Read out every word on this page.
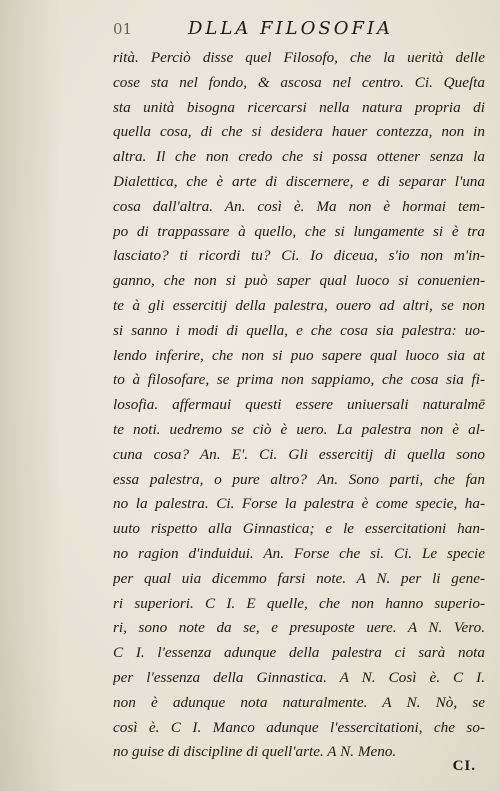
01	DLLA FILOSOFIA
rità. Perciò disse quel Filosofo, che la uerità delle
cose sta nel fondo, & ascosa nel centro. Ci. Queſta
sta unità bisogna ricercarsi nella natura propria di
quella cosa, di che si desidera hauer contezza, non in
altra. Il che non credo che si possa ottener senza la
Dialettica, che è arte di discernere, e di separar l'una
cosa dall'altra. An. così è. Ma non è hormai tem-
po di trappassare à quello, che si lungamente si è tra
lasciato? ti ricordi tu? Ci. Io diceua, s'io non m'in-
ganno, che non si può saper qual luoco si conuenien-
te à gli essercitij della palestra, ouero ad altri, se non
si sanno i modi di quella, e che cosa sia palestra: uo-
lendo inferire, che non si puo sapere qual luoco sia at
to à filosofare, se prima non sappiamo, che cosa sia fi-
losofia. affermaui questi essere uniuersali naturalmē
te noti. uedremo se ciò è uero. La palestra non è al-
cuna cosa? An. E'. Ci. Gli essercitij di quella sono
essa palestra, o pure altro? An. Sono parti, che fan
no la palestra. Ci. Forse la palestra è come specie, ha-
uuto rispetto alla Ginnastica; e le essercitationi han-
no ragion d'induidui. An. Forse che si. Ci. Le specie
per qual uia dicemmo farsi note. A N. per li gene-
ri superiori. C I. E quelle, che non hanno superio-
ri, sono note da se, e presuposte uere. A N. Vero.
C I. l'essenza adunque della palestra ci sarà nota
per l'essenza della Ginnastica. A N. Così è. C I.
non è adunque nota naturalmente. A N. Nò, se
così è. C I. Manco adunque l'essercitationi, che so-
no guise di discipline di quell'arte. A N. Meno.
CI.
